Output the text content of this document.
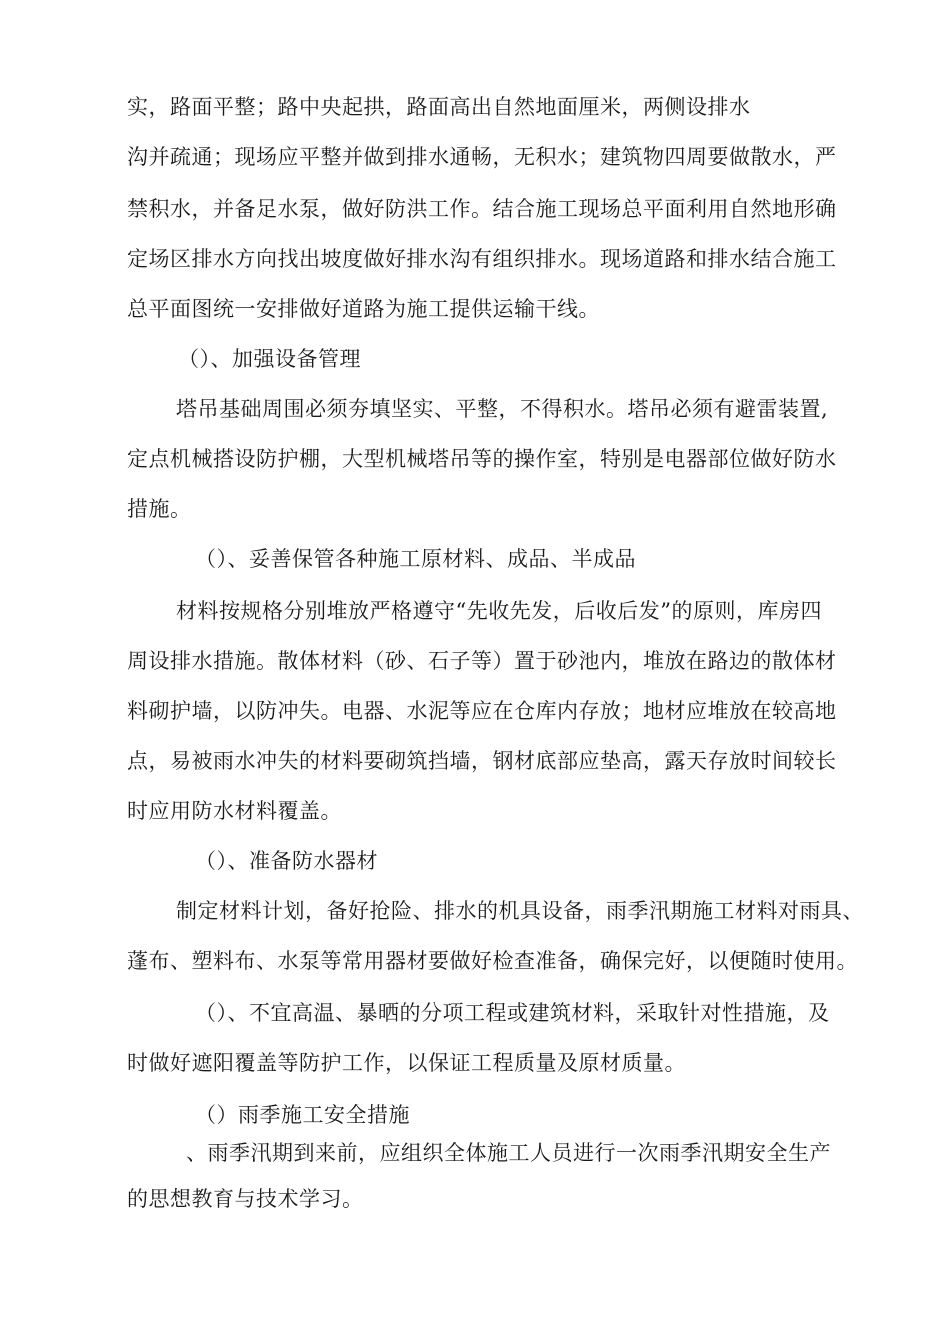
实，路面平整；路中央起拱，路面高出自然地面厘米，两侧设排水
沟并疏通；现场应平整并做到排水通畅，无积水；建筑物四周要做散水，严
禁积水，并备足水泵，做好防洪工作。结合施工现场总平面利用自然地形确
定场区排水方向找出坡度做好排水沟有组织排水。现场道路和排水结合施工
总平面图统一安排做好道路为施工提供运输干线。
（）、加强设备管理
塔吊基础周围必须夯填坚实、平整，不得积水。塔吊必须有避雷装置,
定点机械搭设防护棚，大型机械塔吊等的操作室，特别是电器部位做好防水
措施。
（）、妥善保管各种施工原材料、成品、半成品
材料按规格分别堆放严格遵守“先收先发，后收后发”的原则，库房四
周设排水措施。散体材料（砂、石子等）置于砂池内，堆放在路边的散体材
料砌护墙，以防冲失。电器、水泥等应在仓库内存放；地材应堆放在较高地
点，易被雨水冲失的材料要砌筑挡墙，钢材底部应垫高，露天存放时间较长
时应用防水材料覆盖。
（）、准备防水器材
制定材料计划，备好抢险、排水的机具设备，雨季汛期施工材料对雨具、
蓬布、塑料布、水泵等常用器材要做好检查准备，确保完好，以便随时使用。
（）、不宜高温、暴晒的分项工程或建筑材料，采取针对性措施，及
时做好遮阳覆盖等防护工作，以保证工程质量及原材质量。
（）雨季施工安全措施
、雨季汛期到来前，应组织全体施工人员进行一次雨季汛期安全生产
的思想教育与技术学习。
